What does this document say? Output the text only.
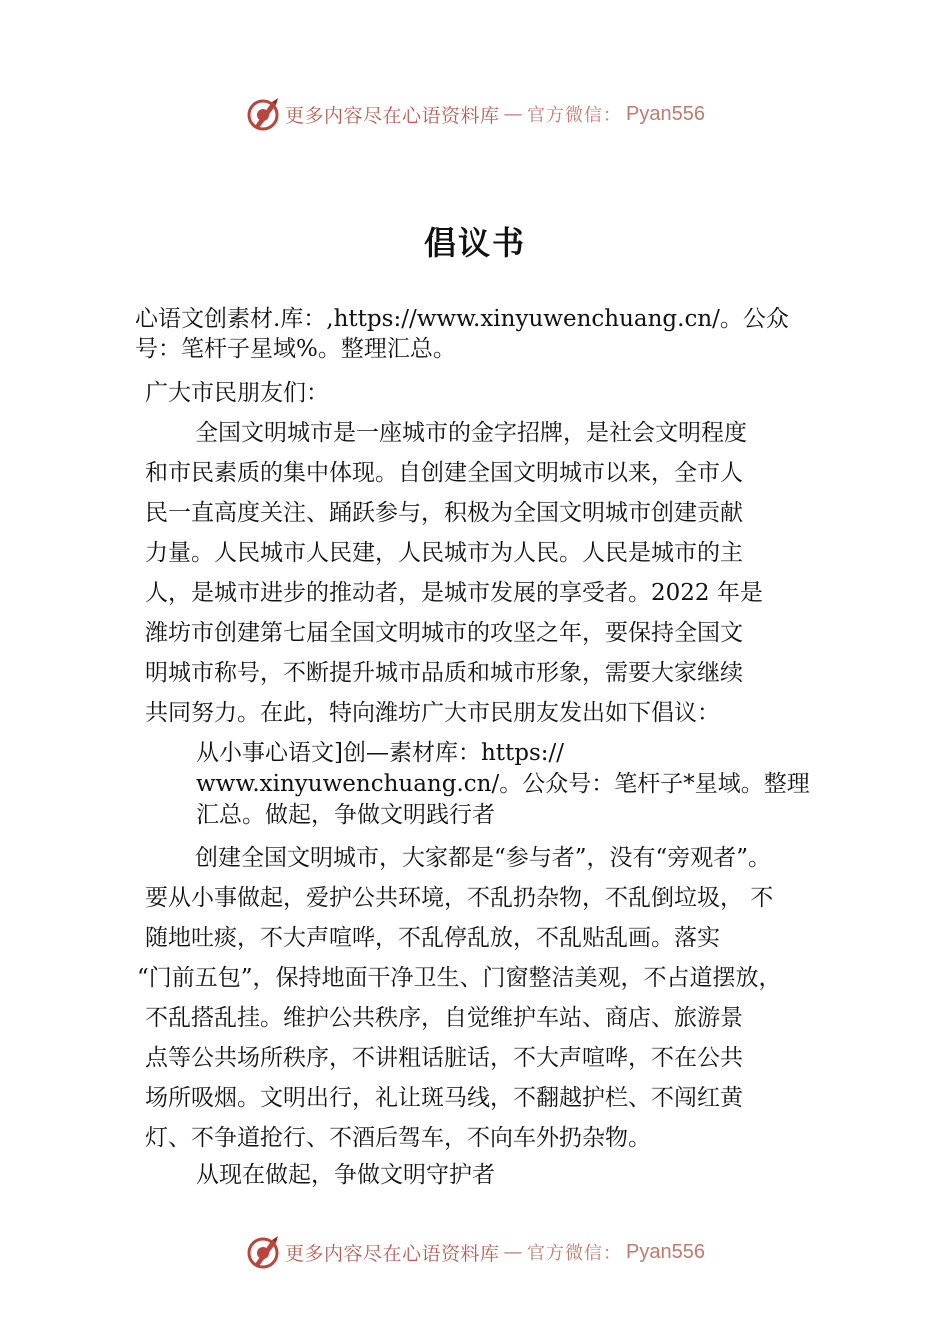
更多内容尽在心语资料库 — 官方微信： Pyan556
倡议书
心语文创素材.库：,https://www.xinyuwenchuang.cn/。公众
号：笔杆子星域%。整理汇总。
广大市民朋友们：
全国文明城市是一座城市的金字招牌，是社会文明程度
和市民素质的集中体现。自创建全国文明城市以来，全市人
民一直高度关注、踊跃参与，积极为全国文明城市创建贡献
力量。人民城市人民建，人民城市为人民。人民是城市的主
人，是城市进步的推动者，是城市发展的享受者。2022 年是
潍坊市创建第七届全国文明城市的攻坚之年，要保持全国文
明城市称号，不断提升城市品质和城市形象，需要大家继续
共同努力。在此，特向潍坊广大市民朋友发出如下倡议：
从小事心语文]创—素材库：https://
www.xinyuwenchuang.cn/。公众号：笔杆子*星域。整理
汇总。做起，争做文明践行者
创建全国文明城市，大家都是“参与者”，没有“旁观者”。
要从小事做起，爱护公共环境，不乱扔杂物，不乱倒垃圾， 不
随地吐痰，不大声喧哗，不乱停乱放，不乱贴乱画。落实
“门前五包”，保持地面干净卫生、门窗整洁美观，不占道摆放，
不乱搭乱挂。维护公共秩序，自觉维护车站、商店、旅游景
点等公共场所秩序，不讲粗话脏话，不大声喧哗，不在公共
场所吸烟。文明出行，礼让斑马线，不翻越护栏、不闯红黄
灯、不争道抢行、不酒后驾车，不向车外扔杂物。
从现在做起，争做文明守护者
更多内容尽在心语资料库 — 官方微信： Pyan556
